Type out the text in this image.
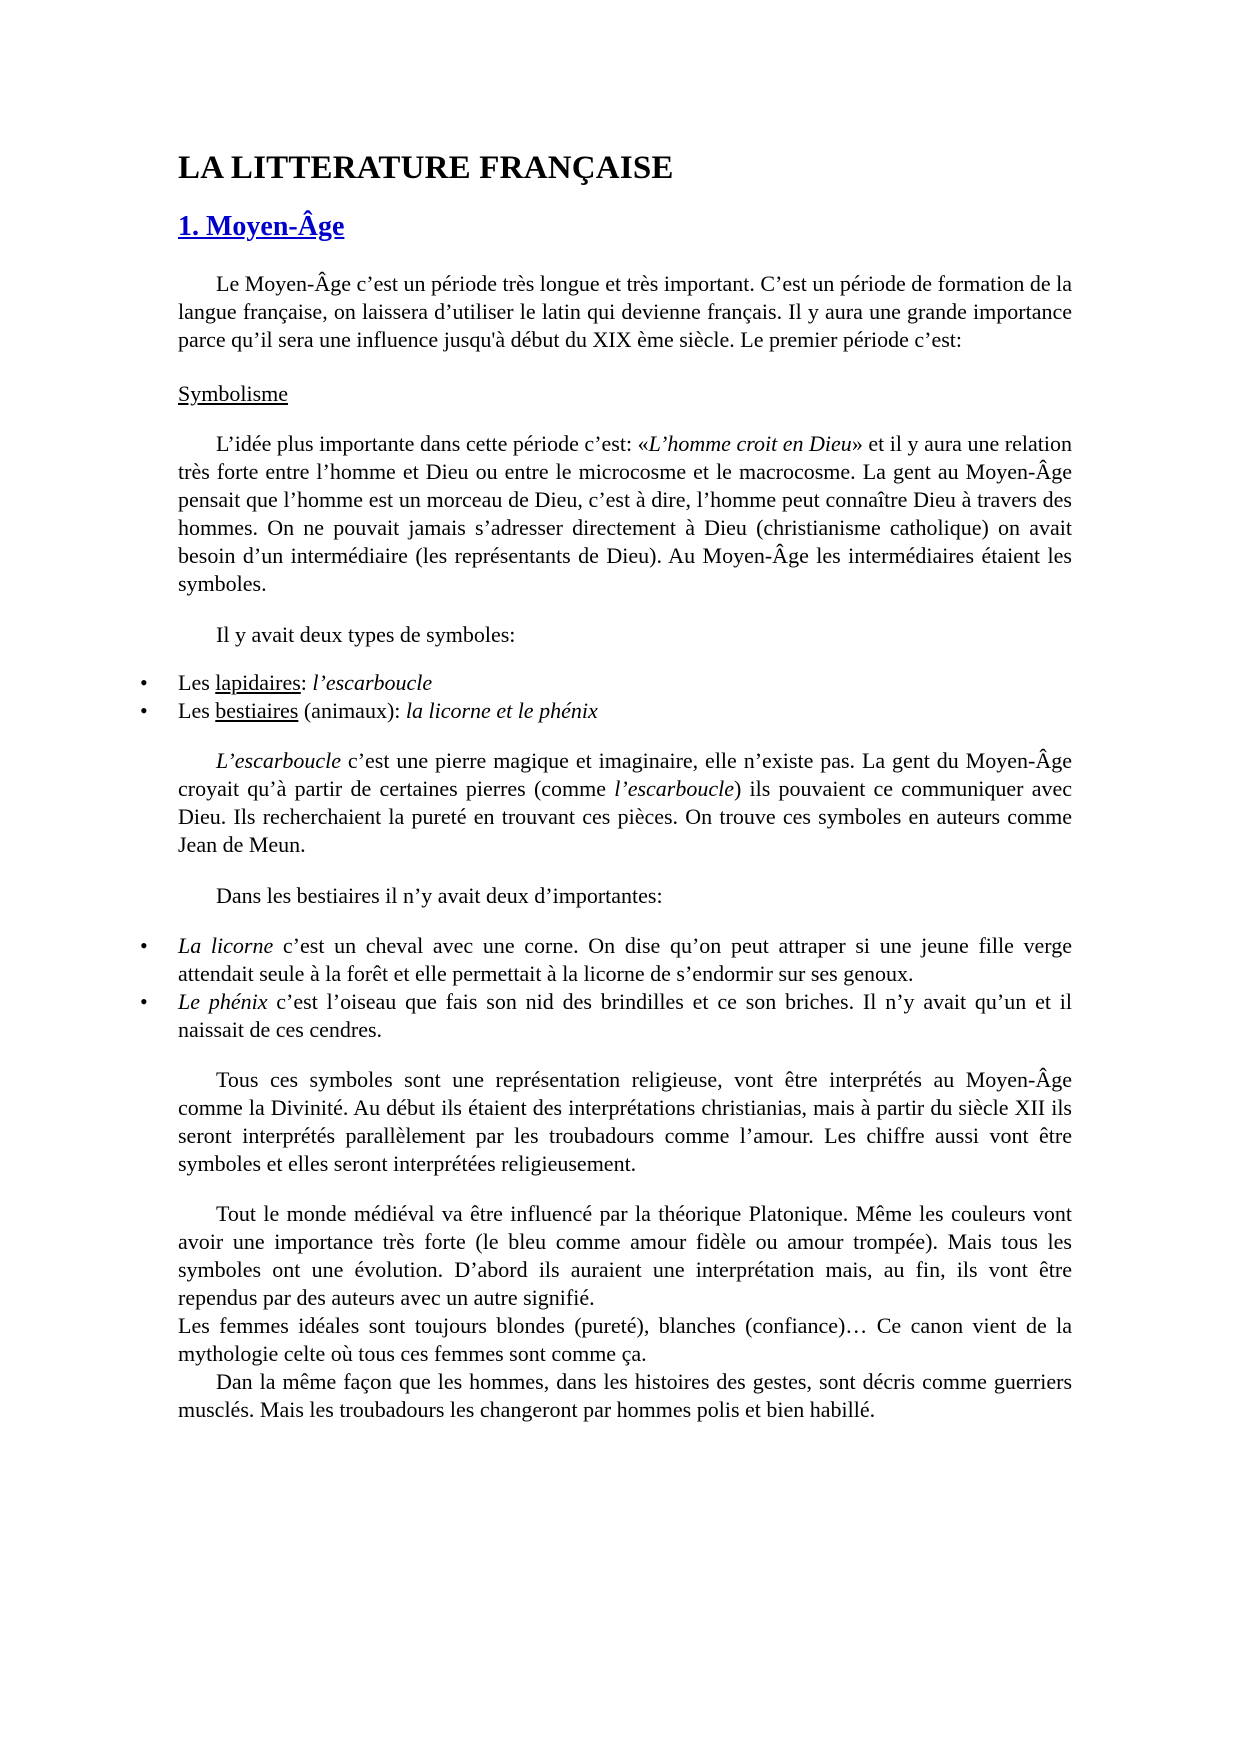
LA LITTERATURE FRANÇAISE
1. Moyen-Âge

Le Moyen-Âge c’est un période très longue et très important. C’est un période de formation de la langue française, on laissera d’utiliser le latin qui devienne français. Il y aura une grande importance parce qu’il sera une influence jusqu'à début du XIX ème siècle. Le premier période c’est:

Symbolisme

L’idée plus importante dans cette période c’est: «L’homme croit en Dieu» et il y aura une relation très forte entre l’homme et Dieu ou entre le microcosme et le macrocosme. La gent au Moyen-Âge pensait que l’homme est un morceau de Dieu, c’est à dire, l’homme peut connaître Dieu à travers des hommes. On ne pouvait jamais s’adresser directement à Dieu (christianisme catholique) on avait besoin d’un intermédiaire (les représentants de Dieu). Au Moyen-Âge les intermédiaires étaient les symboles.

Il y avait deux types de symboles:

• Les lapidaires: l’escarboucle
• Les bestiaires (animaux): la licorne et le phénix

L’escarboucle c’est une pierre magique et imaginaire, elle n’existe pas. La gent du Moyen-Âge croyait qu’à partir de certaines pierres (comme l’escarboucle) ils pouvaient ce communiquer avec Dieu. Ils recherchaient la pureté en trouvant ces pièces. On trouve ces symboles en auteurs comme Jean de Meun.

Dans les bestiaires il n’y avait deux d’importantes:

• La licorne c’est un cheval avec une corne. On dise qu’on peut attraper si une jeune fille verge attendait seule à la forêt et elle permettait à la licorne de s’endormir sur ses genoux.
• Le phénix c’est l’oiseau que fais son nid des brindilles et ce son briches. Il n’y avait qu’un et il naissait de ces cendres.

Tous ces symboles sont une représentation religieuse, vont être interprétés au Moyen-Âge comme la Divinité. Au début ils étaient des interprétations christianias, mais à partir du siècle XII ils seront interprétés parallèlement par les troubadours comme l’amour. Les chiffre aussi vont être symboles et elles seront interprétées religieusement.

Tout le monde médiéval va être influencé par la théorique Platonique. Même les couleurs vont avoir une importance très forte (le bleu comme amour fidèle ou amour trompée). Mais tous les symboles ont une évolution. D’abord ils auraient une interprétation mais, au fin, ils vont être rependus par des auteurs avec un autre signifié.

Les femmes idéales sont toujours blondes (pureté), blanches (confiance)… Ce canon vient de la mythologie celte où tous ces femmes sont comme ça.

Dan la même façon que les hommes, dans les histoires des gestes, sont décris comme guerriers musclés. Mais les troubadours les changeront par hommes polis et bien habillé.
